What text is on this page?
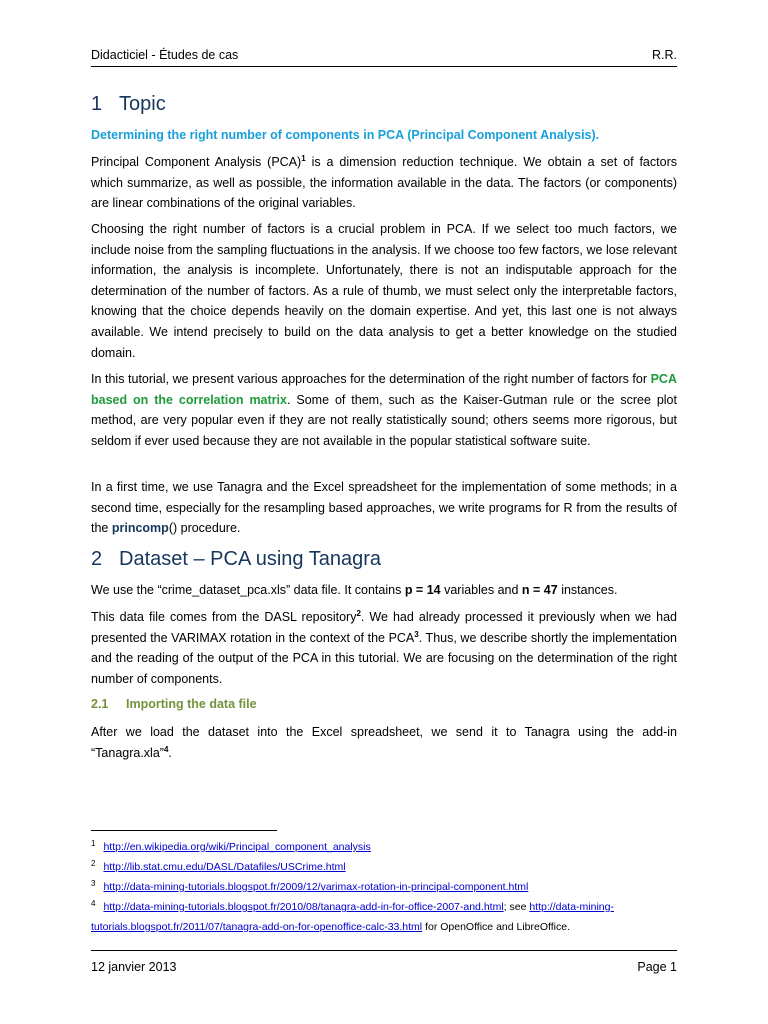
Didacticiel - Études de cas	R.R.
1 Topic
Determining the right number of components in PCA (Principal Component Analysis).

Principal Component Analysis (PCA)$^1$ is a dimension reduction technique. We obtain a set of factors which summarize, as well as possible, the information available in the data. The factors (or components) are linear combinations of the original variables.

Choosing the right number of factors is a crucial problem in PCA. If we select too much factors, we include noise from the sampling fluctuations in the analysis. If we choose too few factors, we lose relevant information, the analysis is incomplete. Unfortunately, there is not an indisputable approach for the determination of the number of factors. As a rule of thumb, we must select only the interpretable factors, knowing that the choice depends heavily on the domain expertise. And yet, this last one is not always available. We intend precisely to build on the data analysis to get a better knowledge on the studied domain.

In this tutorial, we present various approaches for the determination of the right number of factors for PCA based on the correlation matrix. Some of them, such as the Kaiser-Gutman rule or the scree plot method, are very popular even if they are not really statistically sound; others seems more rigorous, but seldom if ever used because they are not available in the popular statistical software suite.

In a first time, we use Tanagra and the Excel spreadsheet for the implementation of some methods; in a second time, especially for the resampling based approaches, we write programs for R from the results of the princomp() procedure.

2 Dataset – PCA using Tanagra

We use the “crime_dataset_pca.xls” data file. It contains p = 14 variables and n = 47 instances.

This data file comes from the DASL repository$^2$. We had already processed it previously when we had presented the VARIMAX rotation in the context of the PCA$^3$. Thus, we describe shortly the implementation and the reading of the output of the PCA in this tutorial. We are focusing on the determination of the right number of components.

2.1 Importing the data file

After we load the dataset into the Excel spreadsheet, we send it to Tanagra using the add-in “Tanagra.xla”$^4$.

$^1$ http://en.wikipedia.org/wiki/Principal_component_analysis
$^2$ http://lib.stat.cmu.edu/DASL/Datafiles/USCrime.html
$^3$ http://data-mining-tutorials.blogspot.fr/2009/12/varimax-rotation-in-principal-component.html
$^4$ http://data-mining-tutorials.blogspot.fr/2010/08/tanagra-add-in-for-office-2007-and.html; see http://data-mining-
tutorials.blogspot.fr/2011/07/tanagra-add-on-for-openoffice-calc-33.html for OpenOffice and LibreOffice.
12 janvier 2013	Page 1
